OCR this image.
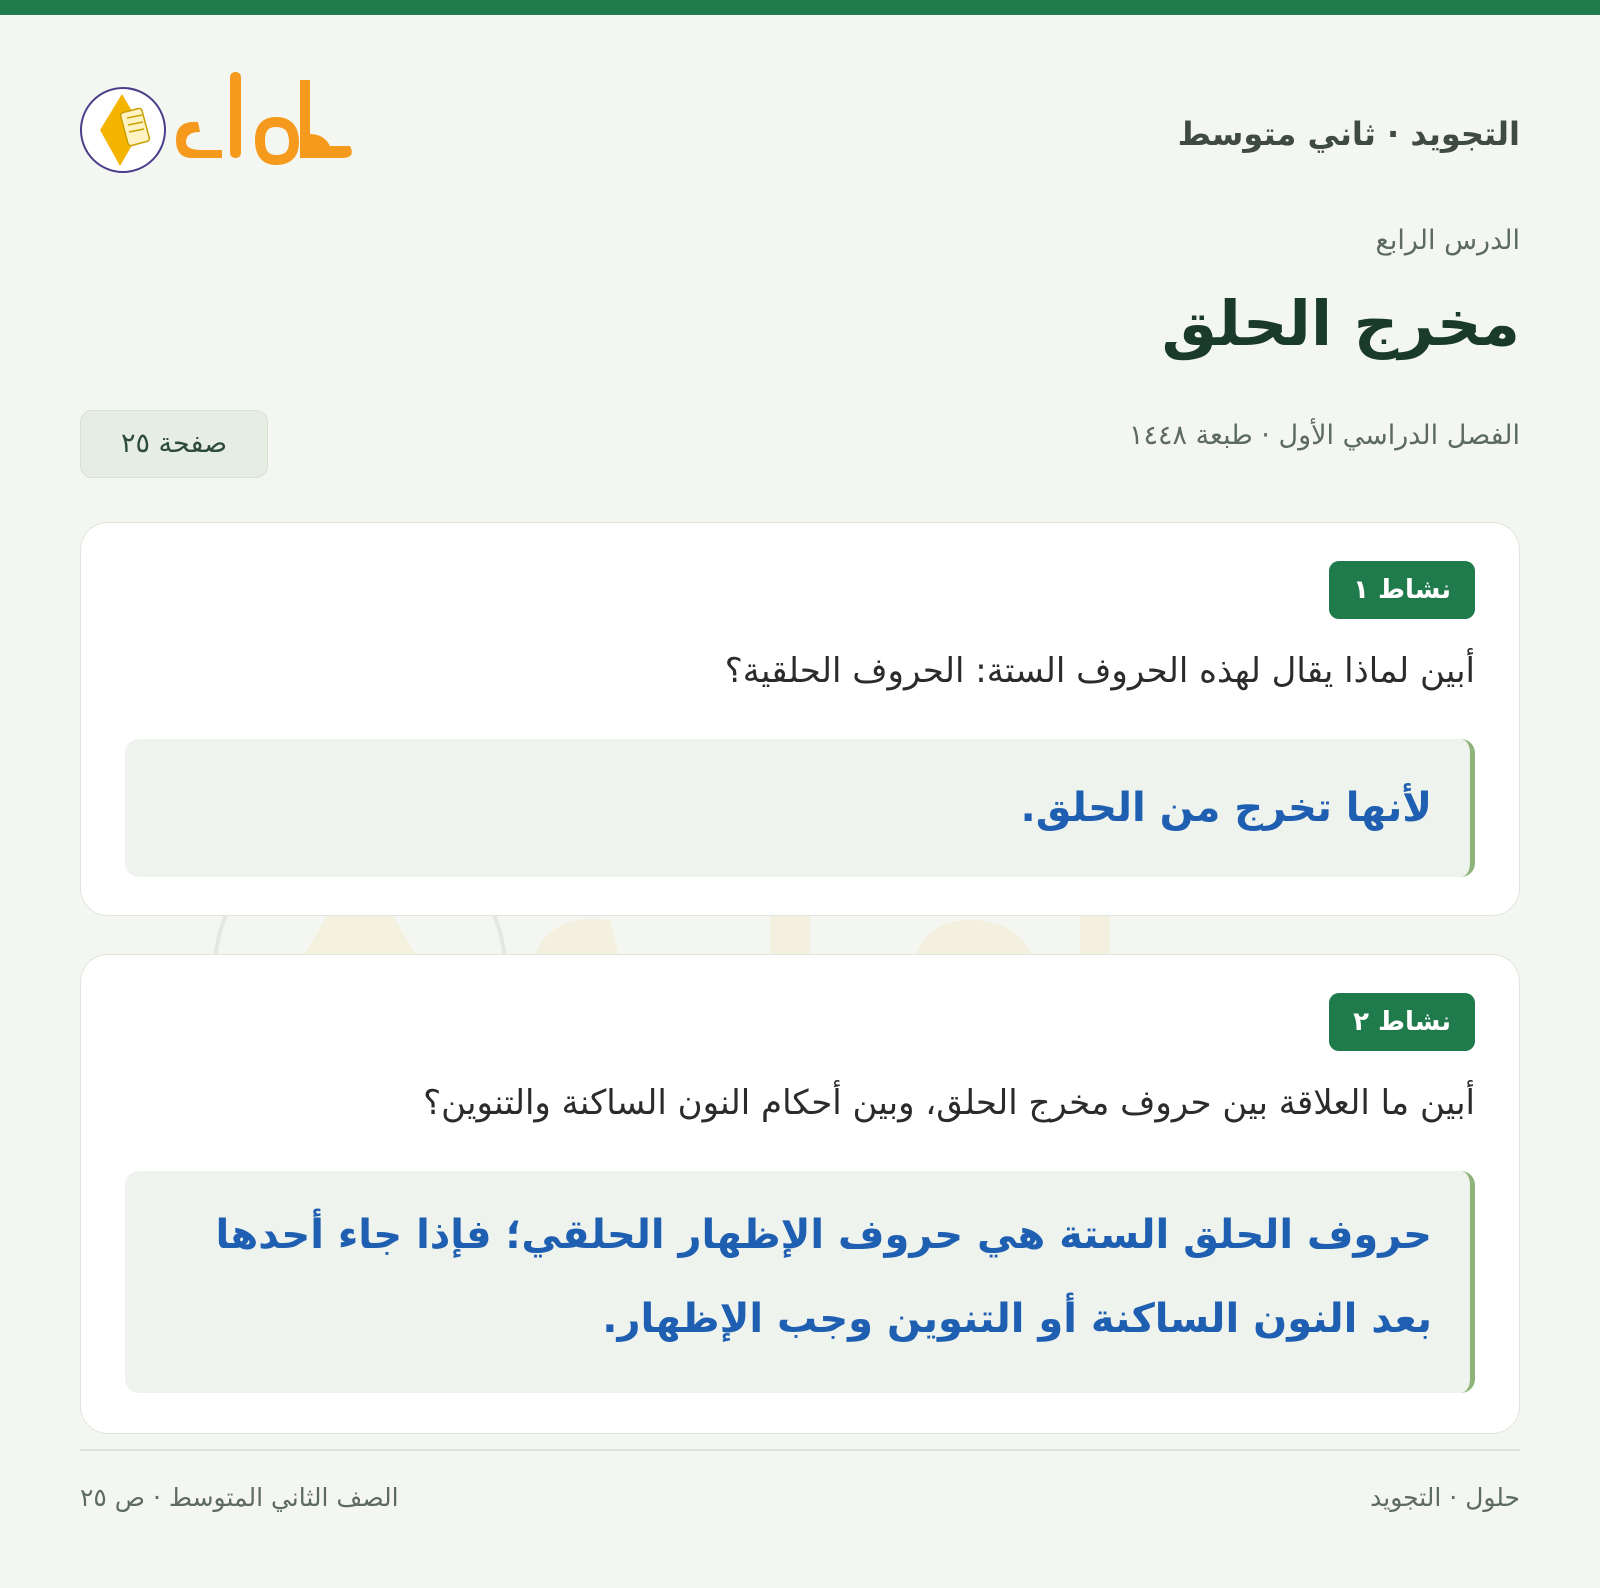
التجويد · ثاني متوسط
الدرس الرابع
مخرج الحلق
الفصل الدراسي الأول · طبعة ١٤٤٨
صفحة ٢٥
نشاط ١
أبين لماذا يقال لهذه الحروف الستة: الحروف الحلقية؟
لأنها تخرج من الحلق.
نشاط ٢
أبين ما العلاقة بين حروف مخرج الحلق، وبين أحكام النون الساكنة والتنوين؟
حروف الحلق الستة هي حروف الإظهار الحلقي؛ فإذا جاء أحدها بعد النون الساكنة أو التنوين وجب الإظهار.
حلول · التجويد
الصف الثاني المتوسط · ص ٢٥
